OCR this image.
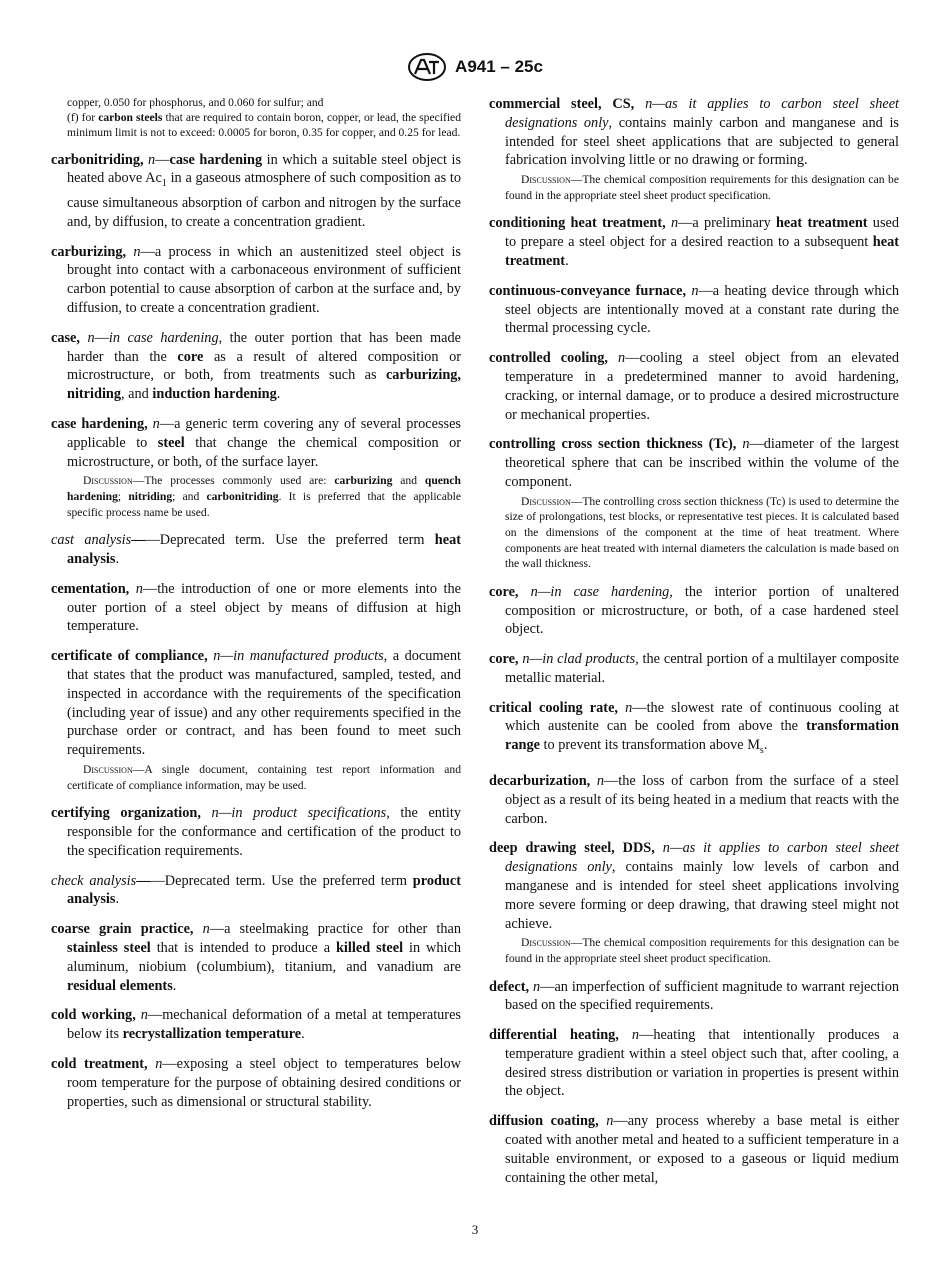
A941 – 25c

copper, 0.050 for phosphorus, and 0.060 for sulfur; and

(f) for carbon steels that are required to contain boron, copper, or lead, the specified minimum limit is not to exceed: 0.0005 for boron, 0.35 for copper, and 0.25 for lead.

carbonitriding, n—case hardening in which a suitable steel object is heated above $Ac_1$ in a gaseous atmosphere of such composition as to cause simultaneous absorption of carbon and nitrogen by the surface and, by diffusion, to create a concentration gradient.

carburizing, n—a process in which an austenitized steel object is brought into contact with a carbonaceous environment of sufficient carbon potential to cause absorption of carbon at the surface and, by diffusion, to create a concentration gradient.

case, n—in case hardening, the outer portion that has been made harder than the core as a result of altered composition or microstructure, or both, from treatments such as carburizing, nitriding, and induction hardening.

case hardening, n—a generic term covering any of several processes applicable to steel that change the chemical composition or microstructure, or both, of the surface layer.

Discussion—The processes commonly used are: carburizing and quench hardening; nitriding; and carbonitriding. It is preferred that the applicable specific process name be used.

cast analysis——Deprecated term. Use the preferred term heat analysis.

cementation, n—the introduction of one or more elements into the outer portion of a steel object by means of diffusion at high temperature.

certificate of compliance, n—in manufactured products, a document that states that the product was manufactured, sampled, tested, and inspected in accordance with the requirements of the specification (including year of issue) and any other requirements specified in the purchase order or contract, and has been found to meet such requirements.

Discussion—A single document, containing test report information and certificate of compliance information, may be used.

certifying organization, n—in product specifications, the entity responsible for the conformance and certification of the product to the specification requirements.

check analysis——Deprecated term. Use the preferred term product analysis.

coarse grain practice, n—a steelmaking practice for other than stainless steel that is intended to produce a killed steel in which aluminum, niobium (columbium), titanium, and vanadium are residual elements.

cold working, n—mechanical deformation of a metal at temperatures below its recrystallization temperature.

cold treatment, n—exposing a steel object to temperatures below room temperature for the purpose of obtaining desired conditions or properties, such as dimensional or structural stability.

commercial steel, CS, n—as it applies to carbon steel sheet designations only, contains mainly carbon and manganese and is intended for steel sheet applications that are subjected to general fabrication involving little or no drawing or forming.

Discussion—The chemical composition requirements for this designation can be found in the appropriate steel sheet product specification.

conditioning heat treatment, n—a preliminary heat treatment used to prepare a steel object for a desired reaction to a subsequent heat treatment.

continuous-conveyance furnace, n—a heating device through which steel objects are intentionally moved at a constant rate during the thermal processing cycle.

controlled cooling, n—cooling a steel object from an elevated temperature in a predetermined manner to avoid hardening, cracking, or internal damage, or to produce a desired microstructure or mechanical properties.

controlling cross section thickness (Tc), n—diameter of the largest theoretical sphere that can be inscribed within the volume of the component.

Discussion—The controlling cross section thickness (Tc) is used to determine the size of prolongations, test blocks, or representative test pieces. It is calculated based on the dimensions of the component at the time of heat treatment. Where components are heat treated with internal diameters the calculation is made based on the wall thickness.

core, n—in case hardening, the interior portion of unaltered composition or microstructure, or both, of a case hardened steel object.

core, n—in clad products, the central portion of a multilayer composite metallic material.

critical cooling rate, n—the slowest rate of continuous cooling at which austenite can be cooled from above the transformation range to prevent its transformation above $M_s$.

decarburization, n—the loss of carbon from the surface of a steel object as a result of its being heated in a medium that reacts with the carbon.

deep drawing steel, DDS, n—as it applies to carbon steel sheet designations only, contains mainly low levels of carbon and manganese and is intended for steel sheet applications involving more severe forming or deep drawing, that drawing steel might not achieve.

Discussion—The chemical composition requirements for this designation can be found in the appropriate steel sheet product specification.

defect, n—an imperfection of sufficient magnitude to warrant rejection based on the specified requirements.

differential heating, n—heating that intentionally produces a temperature gradient within a steel object such that, after cooling, a desired stress distribution or variation in properties is present within the object.

diffusion coating, n—any process whereby a base metal is either coated with another metal and heated to a sufficient temperature in a suitable environment, or exposed to a gaseous or liquid medium containing the other metal,

3
